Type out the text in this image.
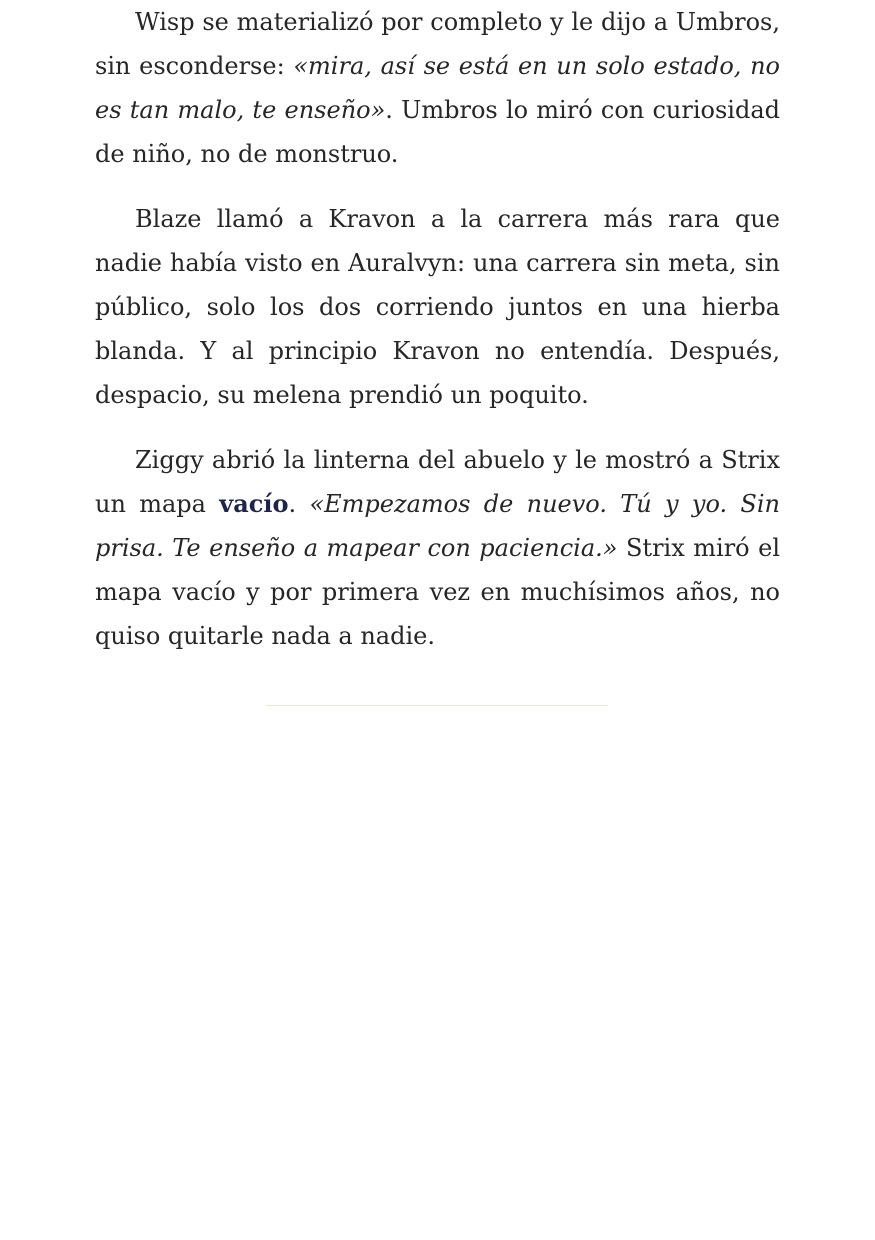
Wisp se materializó por completo y le dijo a Umbros, sin esconderse: «mira, así se está en un solo estado, no es tan malo, te enseño». Umbros lo miró con curiosidad de niño, no de monstruo.

Blaze llamó a Kravon a la carrera más rara que nadie había visto en Auralvyn: una carrera sin meta, sin público, solo los dos corriendo juntos en una hierba blanda. Y al principio Kravon no entendía. Después, despacio, su melena prendió un poquito.

Ziggy abrió la linterna del abuelo y le mostró a Strix un mapa vacío. «Empezamos de nuevo. Tú y yo. Sin prisa. Te enseño a mapear con paciencia.» Strix miró el mapa vacío y por primera vez en muchísimos años, no quiso quitarle nada a nadie.
